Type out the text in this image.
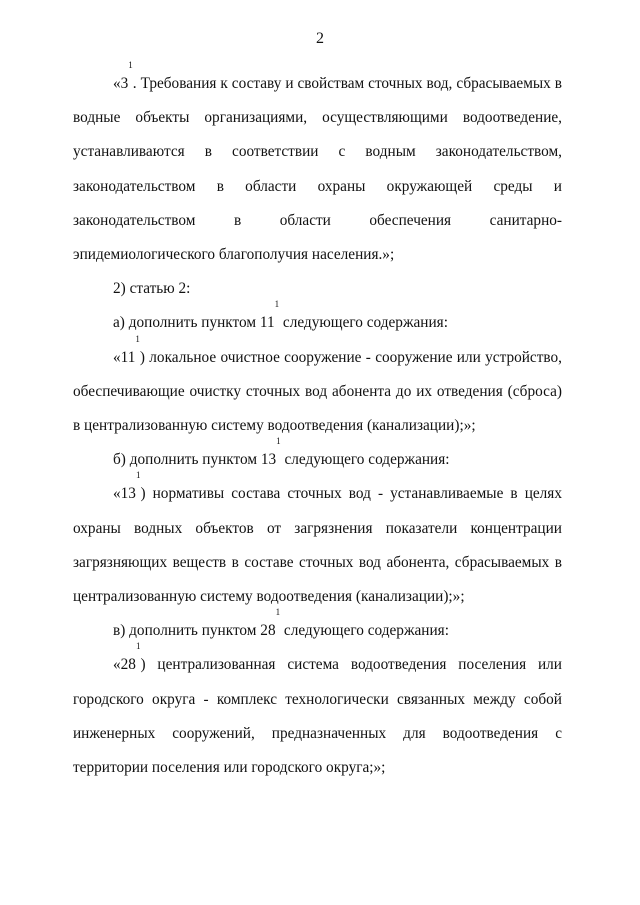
2

«$3^1$. Требования к составу и свойствам сточных вод, сбрасываемых в водные объекты организациями, осуществляющими водоотведение, устанавливаются в соответствии с водным законодательством, законодательством в области охраны окружающей среды и законодательством в области обеспечения санитарно-эпидемиологического благополучия населения.»;

2) статью 2:

а) дополнить пунктом $11^1$ следующего содержания:

«$11^1$) локальное очистное сооружение - сооружение или устройство, обеспечивающие очистку сточных вод абонента до их отведения (сброса) в централизованную систему водоотведения (канализации);»;

б) дополнить пунктом $13^1$ следующего содержания:

«$13^1$) нормативы состава сточных вод - устанавливаемые в целях охраны водных объектов от загрязнения показатели концентрации загрязняющих веществ в составе сточных вод абонента, сбрасываемых в централизованную систему водоотведения (канализации);»;

в) дополнить пунктом $28^1$ следующего содержания:

«$28^1$) централизованная система водоотведения поселения или городского округа - комплекс технологически связанных между собой инженерных сооружений, предназначенных для водоотведения с территории поселения или городского округа;»;
